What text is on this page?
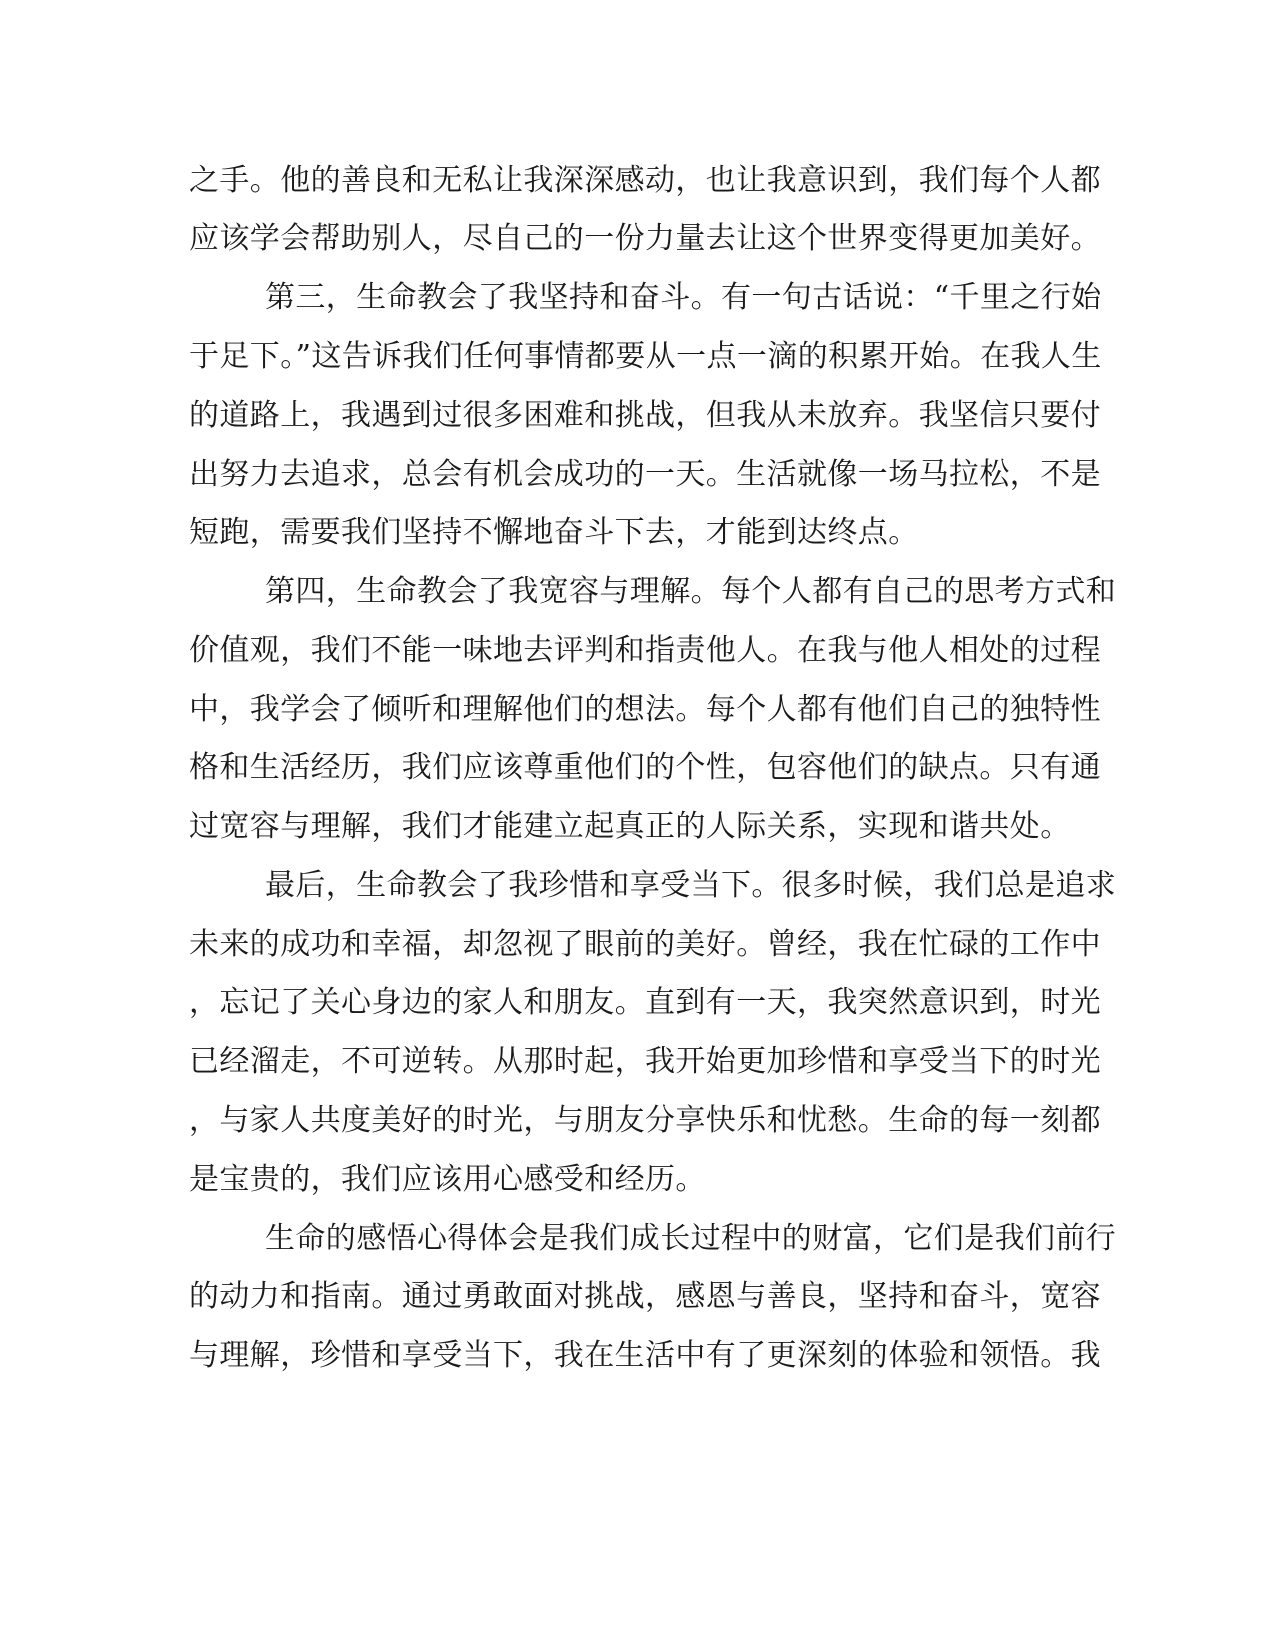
之手。他的善良和无私让我深深感动，也让我意识到，我们每个人都
应该学会帮助别人，尽自己的一份力量去让这个世界变得更加美好。
第三，生命教会了我坚持和奋斗。有一句古话说：“千里之行始
于足下。”这告诉我们任何事情都要从一点一滴的积累开始。在我人生
的道路上，我遇到过很多困难和挑战，但我从未放弃。我坚信只要付
出努力去追求，总会有机会成功的一天。生活就像一场马拉松，不是
短跑，需要我们坚持不懈地奋斗下去，才能到达终点。
第四，生命教会了我宽容与理解。每个人都有自己的思考方式和
价值观，我们不能一味地去评判和指责他人。在我与他人相处的过程
中，我学会了倾听和理解他们的想法。每个人都有他们自己的独特性
格和生活经历，我们应该尊重他们的个性，包容他们的缺点。只有通
过宽容与理解，我们才能建立起真正的人际关系，实现和谐共处。
最后，生命教会了我珍惜和享受当下。很多时候，我们总是追求
未来的成功和幸福，却忽视了眼前的美好。曾经，我在忙碌的工作中
，忘记了关心身边的家人和朋友。直到有一天，我突然意识到，时光
已经溜走，不可逆转。从那时起，我开始更加珍惜和享受当下的时光
，与家人共度美好的时光，与朋友分享快乐和忧愁。生命的每一刻都
是宝贵的，我们应该用心感受和经历。
生命的感悟心得体会是我们成长过程中的财富，它们是我们前行
的动力和指南。通过勇敢面对挑战，感恩与善良，坚持和奋斗，宽容
与理解，珍惜和享受当下，我在生活中有了更深刻的体验和领悟。我
